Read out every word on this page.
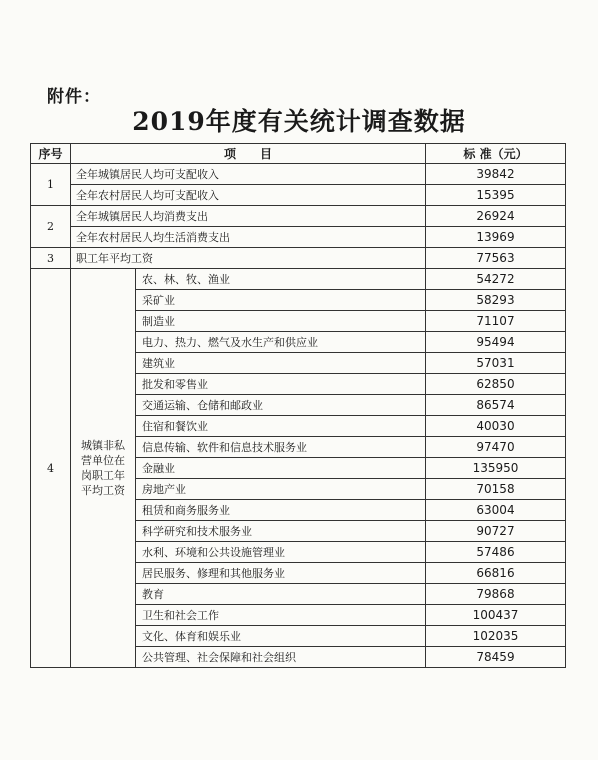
附件：
2019年度有关统计调查数据
序号	项　　目		标 准（元）
1	全年城镇居民人均可支配收入		39842
	全年农村居民人均可支配收入		15395
2	全年城镇居民人均消费支出		26924
	全年农村居民人均生活消费支出		13969
3	职工年平均工资		77563
4	城镇非私营单位在岗职工年平均工资	农、林、牧、渔业	54272
		采矿业	58293
		制造业	71107
		电力、热力、燃气及水生产和供应业	95494
		建筑业	57031
		批发和零售业	62850
		交通运输、仓储和邮政业	86574
		住宿和餐饮业	40030
		信息传输、软件和信息技术服务业	97470
		金融业	135950
		房地产业	70158
		租赁和商务服务业	63004
		科学研究和技术服务业	90727
		水利、环境和公共设施管理业	57486
		居民服务、修理和其他服务业	66816
		教育	79868
		卫生和社会工作	100437
		文化、体育和娱乐业	102035
		公共管理、社会保障和社会组织	78459
